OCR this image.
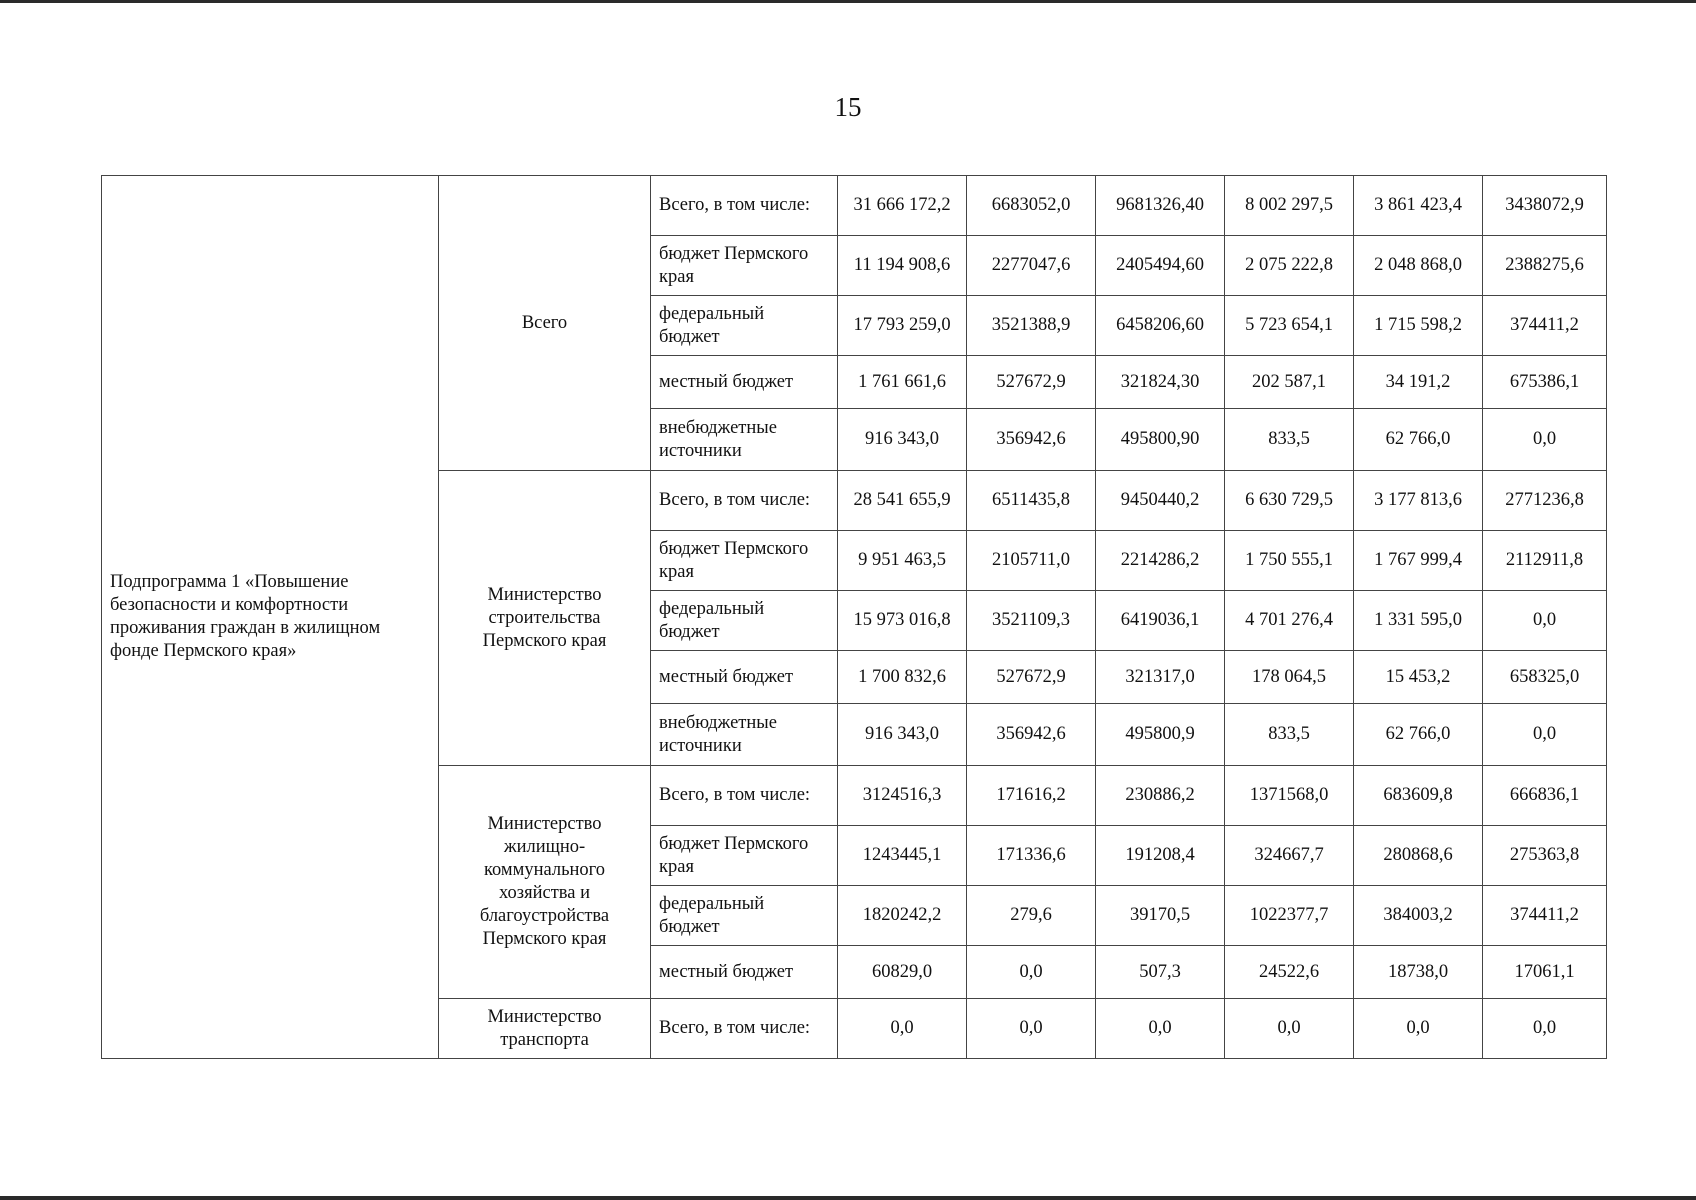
15
Подпрограмма 1 «Повышение безопасности и комфортности проживания граждан в жилищном фонде Пермского края»	Всего	Всего, в том числе:	31 666 172,2	6683052,0	9681326,40	8 002 297,5	3 861 423,4	3438072,9
		бюджет Пермского края	11 194 908,6	2277047,6	2405494,60	2 075 222,8	2 048 868,0	2388275,6
		федеральный бюджет	17 793 259,0	3521388,9	6458206,60	5 723 654,1	1 715 598,2	374411,2
		местный бюджет	1 761 661,6	527672,9	321824,30	202 587,1	34 191,2	675386,1
		внебюджетные источники	916 343,0	356942,6	495800,90	833,5	62 766,0	0,0
	Министерство строительства Пермского края	Всего, в том числе:	28 541 655,9	6511435,8	9450440,2	6 630 729,5	3 177 813,6	2771236,8
		бюджет Пермского края	9 951 463,5	2105711,0	2214286,2	1 750 555,1	1 767 999,4	2112911,8
		федеральный бюджет	15 973 016,8	3521109,3	6419036,1	4 701 276,4	1 331 595,0	0,0
		местный бюджет	1 700 832,6	527672,9	321317,0	178 064,5	15 453,2	658325,0
		внебюджетные источники	916 343,0	356942,6	495800,9	833,5	62 766,0	0,0
	Министерство жилищно-коммунального хозяйства и благоустройства Пермского края	Всего, в том числе:	3124516,3	171616,2	230886,2	1371568,0	683609,8	666836,1
		бюджет Пермского края	1243445,1	171336,6	191208,4	324667,7	280868,6	275363,8
		федеральный бюджет	1820242,2	279,6	39170,5	1022377,7	384003,2	374411,2
		местный бюджет	60829,0	0,0	507,3	24522,6	18738,0	17061,1
	Министерство транспорта	Всего, в том числе:	0,0	0,0	0,0	0,0	0,0	0,0
